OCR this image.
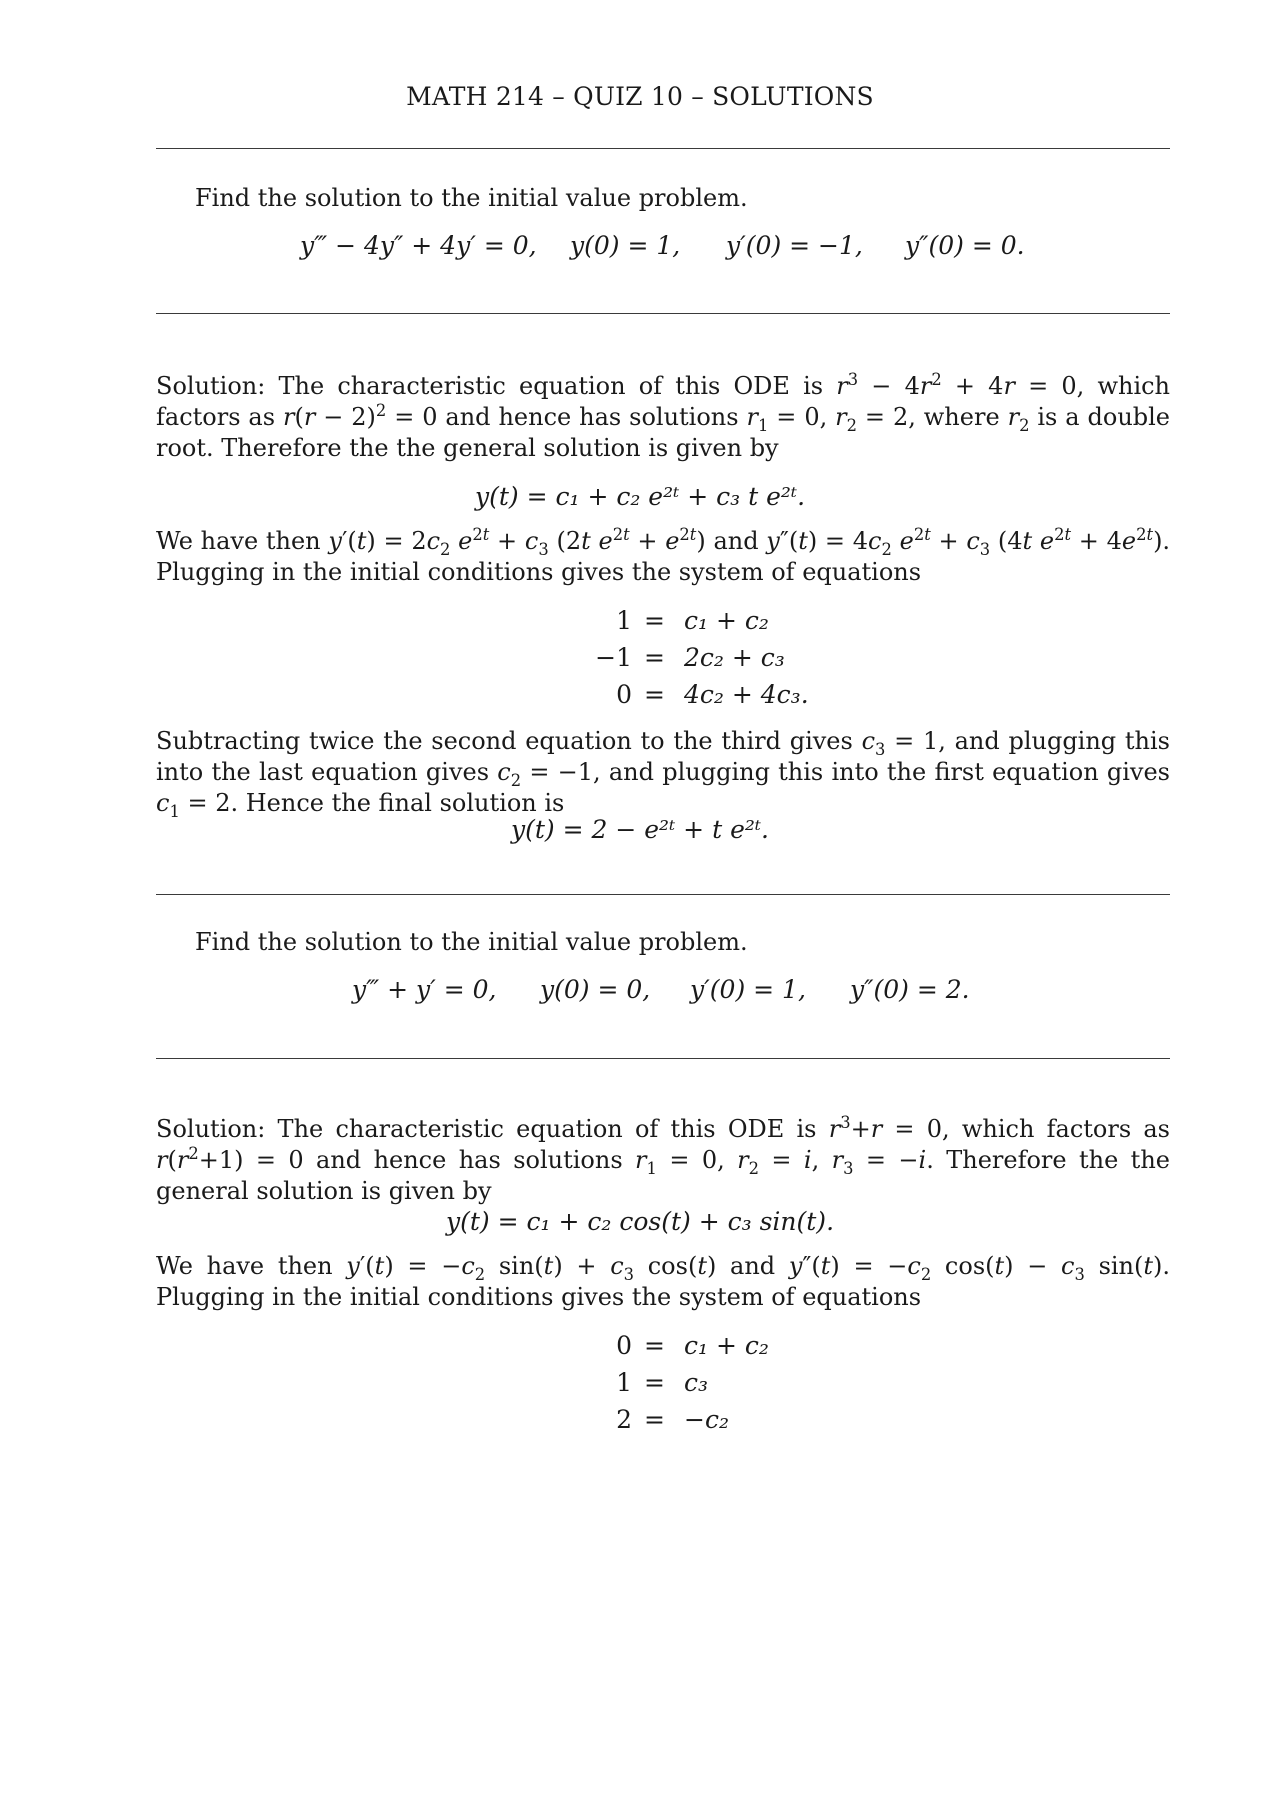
MATH 214 – QUIZ 10 – SOLUTIONS
Find the solution to the initial value problem.
y‴ − 4y″ + 4y′ = 0, y(0) = 1, y′(0) = −1, y″(0) = 0.
Solution: The characteristic equation of this ODE is $r^3 - 4r^2 + 4r = 0$, which factors as $r(r - 2)^2 = 0$ and hence has solutions $r_1 = 0$, $r_2 = 2$, where $r_2$ is a double root. Therefore the the general solution is given by
y(t) = c₁ + c₂ e²ᵗ + c₃ t e²ᵗ.
We have then $y'(t) = 2c_2$ $e^{2t} + c_3$ (2t $e^{2t} + e^{2t}$) and $y''(t) = 4c_2$ $e^{2t} + c_3$ (4t $e^{2t} + 4e^{2t}$). Plugging in the initial conditions gives the system of equations
1 = c₁ + c₂
−1 = 2c₂ + c₃
0 = 4c₂ + 4c₃.
Subtracting twice the second equation to the third gives $c_3 = 1$, and plugging this into the last equation gives $c_2 = -1$, and plugging this into the first equation gives $c_1 = 2$. Hence the final solution is
y(t) = 2 − e²ᵗ + t e²ᵗ.
Find the solution to the initial value problem.
y‴ + y′ = 0, y(0) = 0, y′(0) = 1, y″(0) = 2.
Solution: The characteristic equation of this ODE is $r^3+r = 0$, which factors as $r(r^2+1) = 0$ and hence has solutions $r_1 = 0$, $r_2 = i$, $r_3 = -i$. Therefore the the general solution is given by
y(t) = c₁ + c₂ cos(t) + c₃ sin(t).
We have then $y'(t) = -c_2$ $\sin(t) + c_3$ cos(t) and $y''(t) = -c_2$ $\cos(t) - c_3$ sin(t). Plugging in the initial conditions gives the system of equations
0 = c₁ + c₂
1 = c₃
2 = −c₂
